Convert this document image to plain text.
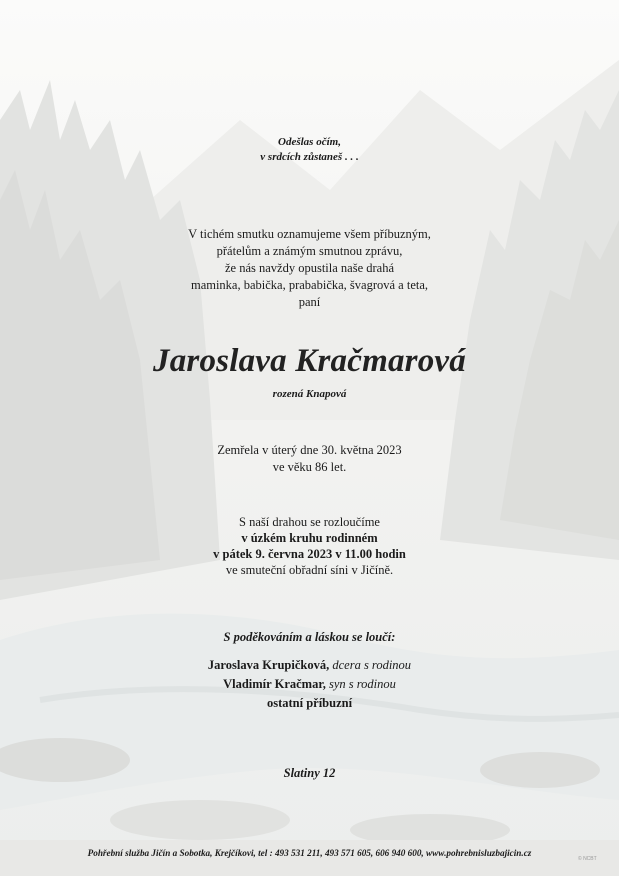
Odešlas očím,
v srdcích zůstaneš . . .
V tichém smutku oznamujeme všem příbuzným,
přátelům a známým smutnou zprávu,
že nás navždy opustila naše drahá
maminka, babička, prababička, švagrová a teta,
paní
Jaroslava Kračmarová
rozená Knapová
Zemřela v úterý dne 30. května 2023
ve věku 86 let.
S naší drahou se rozloučíme
v úzkém kruhu rodinném
v pátek 9. června 2023 v 11.00 hodin
ve smuteční obřadní síni v Jičíně.
S poděkováním a láskou se loučí:
Jaroslava Krupičková, dcera s rodinou
Vladimír Kračmar, syn s rodinou
ostatní příbuzní
Slatiny 12
Pohřební služba Jičín a Sobotka, Krejčíkovi, tel : 493 531 211, 493 571 605, 606 940 600, www.pohrebnisluzbajicin.cz
© NCBT
